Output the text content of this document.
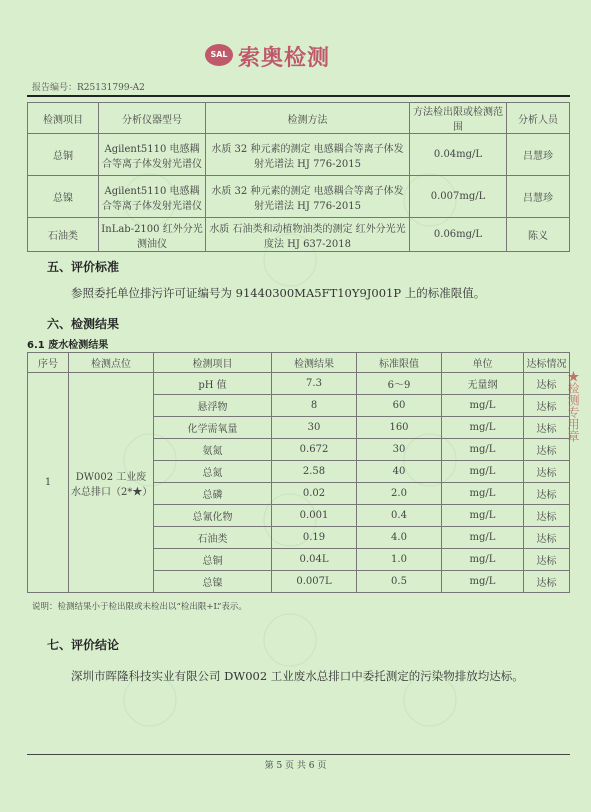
SAL 索奥检测
报告编号：R25131799-A2
检测项目	分析仪器型号	检测方法	方法检出限或检测范围	分析人员
总铜	Agilent5110 电感耦合等离子体发射光谱仪	水质 32 种元素的测定 电感耦合等离子体发射光谱法 HJ 776-2015	0.04mg/L	吕慧珍
总镍	Agilent5110 电感耦合等离子体发射光谱仪	水质 32 种元素的测定 电感耦合等离子体发射光谱法 HJ 776-2015	0.007mg/L	吕慧珍
石油类	InLab-2100 红外分光测油仪	水质 石油类和动植物油类的测定 红外分光光度法 HJ 637-2018	0.06mg/L	陈义
五、评价标准
参照委托单位排污许可证编号为 91440300MA5FT10Y9J001P 上的标准限值。
六、检测结果
6.1 废水检测结果
序号	检测点位	检测项目	检测结果	标准限值	单位	达标情况
1	DW002 工业废水总排口（2*★）	pH 值	7.3	6～9	无量纲	达标
		悬浮物	8	60	mg/L	达标
		化学需氧量	30	160	mg/L	达标
		氨氮	0.672	30	mg/L	达标
		总氮	2.58	40	mg/L	达标
		总磷	0.02	2.0	mg/L	达标
		总氰化物	0.001	0.4	mg/L	达标
		石油类	0.19	4.0	mg/L	达标
		总铜	0.04L	1.0	mg/L	达标
		总镍	0.007L	0.5	mg/L	达标
说明：检测结果小于检出限或未检出以“检出限+L”表示。
★检测专用章
七、评价结论
深圳市晖隆科技实业有限公司 DW002 工业废水总排口中委托测定的污染物排放均达标。
第 5 页 共 6 页
